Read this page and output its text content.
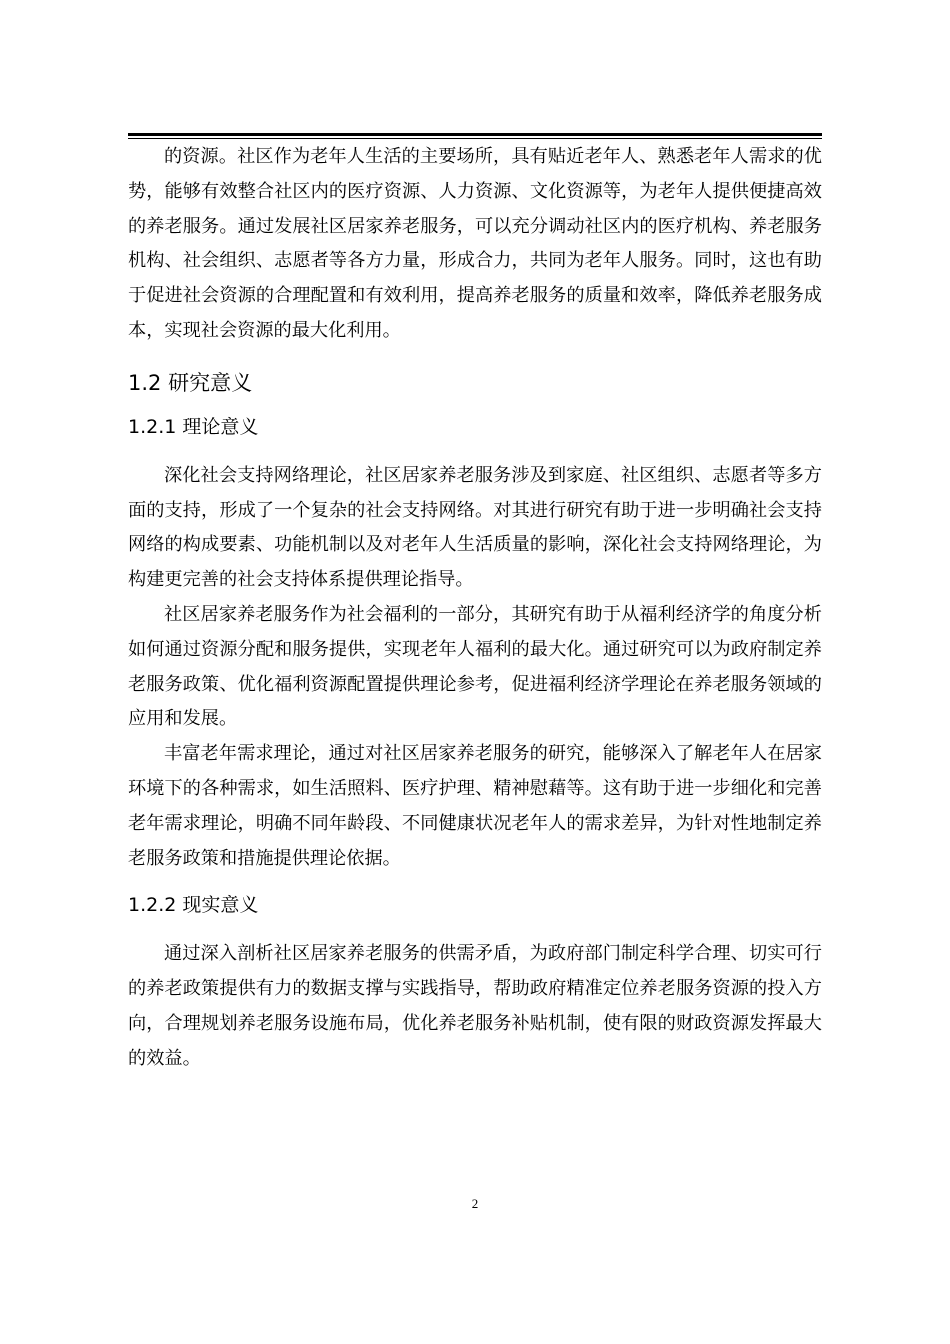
的资源。社区作为老年人生活的主要场所，具有贴近老年人、熟悉老年人需求的优势，能够有效整合社区内的医疗资源、人力资源、文化资源等，为老年人提供便捷高效的养老服务。通过发展社区居家养老服务，可以充分调动社区内的医疗机构、养老服务机构、社会组织、志愿者等各方力量，形成合力，共同为老年人服务。同时，这也有助于促进社会资源的合理配置和有效利用，提高养老服务的质量和效率，降低养老服务成本，实现社会资源的最大化利用。

1.2 研究意义
1.2.1 理论意义

深化社会支持网络理论，社区居家养老服务涉及到家庭、社区组织、志愿者等多方面的支持，形成了一个复杂的社会支持网络。对其进行研究有助于进一步明确社会支持网络的构成要素、功能机制以及对老年人生活质量的影响，深化社会支持网络理论，为构建更完善的社会支持体系提供理论指导。

社区居家养老服务作为社会福利的一部分，其研究有助于从福利经济学的角度分析如何通过资源分配和服务提供，实现老年人福利的最大化。通过研究可以为政府制定养老服务政策、优化福利资源配置提供理论参考，促进福利经济学理论在养老服务领域的应用和发展。

丰富老年需求理论，通过对社区居家养老服务的研究，能够深入了解老年人在居家环境下的各种需求，如生活照料、医疗护理、精神慰藉等。这有助于进一步细化和完善老年需求理论，明确不同年龄段、不同健康状况老年人的需求差异，为针对性地制定养老服务政策和措施提供理论依据。

1.2.2 现实意义

通过深入剖析社区居家养老服务的供需矛盾，为政府部门制定科学合理、切实可行的养老政策提供有力的数据支撑与实践指导，帮助政府精准定位养老服务资源的投入方向，合理规划养老服务设施布局，优化养老服务补贴机制，使有限的财政资源发挥最大的效益。

2
